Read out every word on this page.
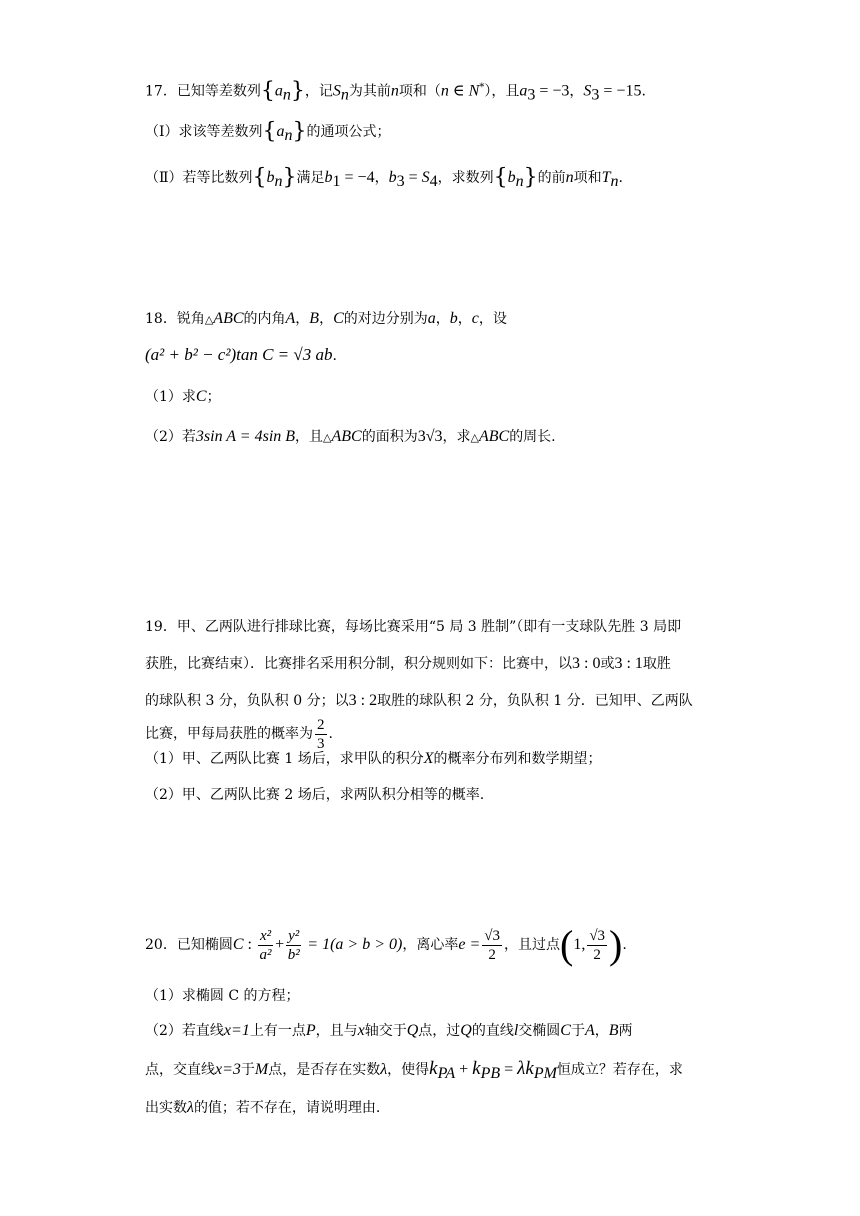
17．已知等差数列$\{a_n\}$，记$S_n$为其前n项和（n ∈ N*），且$a_3 = -3$，$S_3 = -15$.
（Ⅰ）求该等差数列$\{a_n\}$的通项公式；
（Ⅱ）若等比数列$\{b_n\}$满足$b_1 = -4$，$b_3 = S_4$，求数列$\{b_n\}$的前n项和$T_n$.
18．锐角△ABC的内角A，B，C的对边分别为a，b，c，设
(a² + b² − c²)tan C = √3 ab.
（1）求C；
（2）若3sin A = 4sin B，且△ABC的面积为3√3，求△ABC的周长.
19．甲、乙两队进行排球比赛，每场比赛采用“5 局 3 胜制”（即有一支球队先胜 3 局即
获胜，比赛结束）．比赛排名采用积分制，积分规则如下：比赛中，以3 : 0或3 : 1取胜
的球队积 3 分，负队积 0 分；以3 : 2取胜的球队积 2 分，负队积 1 分．已知甲、乙两队
比赛，甲每局获胜的概率为 $\frac{2}{3}$ .
（1）甲、乙两队比赛 1 场后，求甲队的积分X的概率分布列和数学期望；
（2）甲、乙两队比赛 2 场后，求两队积分相等的概率.
20．已知椭圆C : $\frac{\text{x²}}{\text{a²}} + \frac{\text{y²}}{\text{b²}} = 1(a > b > 0)$，离心率$e = \frac{√3}{2}$ ，且过点(1, $\frac{√3}{2}$ ).
（1）求椭圆 C 的方程；
（2）若直线x=1上有一点P，且与x轴交于Q点，过Q的直线l交椭圆C于A，B两
点，交直线x=3于M点，是否存在实数λ，使得$k_{PA} + k_{PB} = \lambda k_{PM}$恒成立？若存在，求
出实数λ的值；若不存在，请说明理由.
